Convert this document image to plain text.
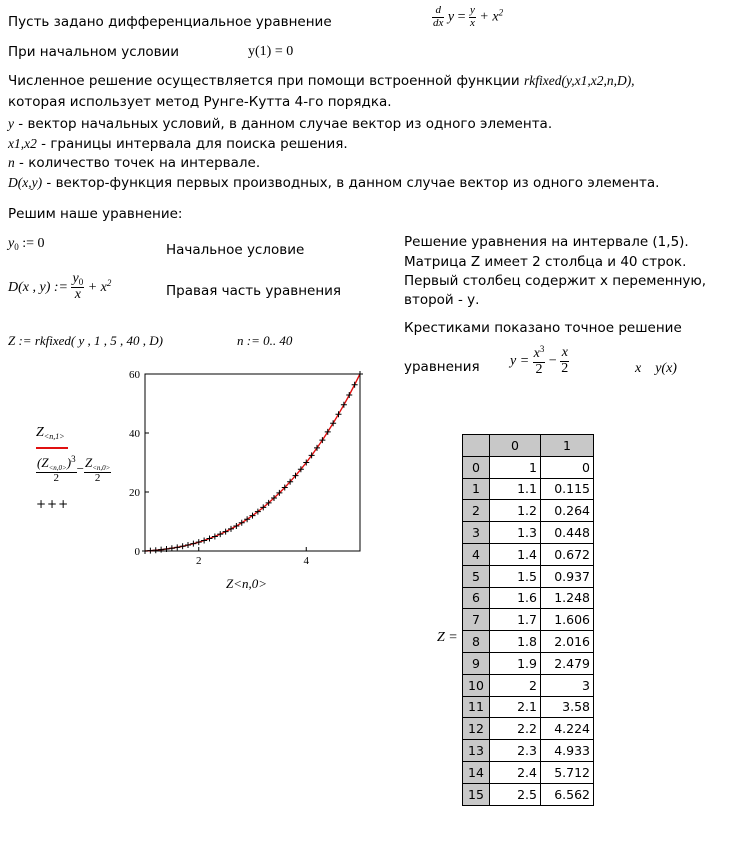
Пусть задано дифференциальное уравнение	$\frac{d}{dx}$ $y = \frac{y}{x} + x^2$
При начальном условии	y(1) = 0
Численное решение осуществляется при помощи встроенной функции rkfixed(y,x1,x2,n,D),
которая использует метод Рунге-Кутта 4-го порядка.
y - вектор начальных условий, в данном случае вектор из одного элемента.
x1,x2 - границы интервала для поиска решения.
n - количество точек на интервале.
D(x,y) - вектор-функция первых производных, в данном случае вектор из одного элемента.
Решим наше уравнение:
$y_0$ := 0	Начальное условие
D(x , y) := $\frac{y_0}{x} + x^2$
Правая часть уравнения
Z := rkfixed( y , 1 , 5 , 40 , D)	n := 0.. 40
Решение уравнения на интервале (1,5).
Матрица Z имеет 2 столбца и 40 строк.
Первый столбец содержит x переменную,
второй - у.
Крестиками показано точное решение
уравнения $y = \frac{x^3}{2} - \frac{x}{2}$	x    y(x)
$Z_{<n,1>}$
$\frac{(Z_{<n,0>})^3}{2} - \frac{Z_{<n,0>}}{2}$
+++
0
20
40
60
2	4
Z<n,0>
Z =
	0	1
0	1	0
1	1.1	0.115
2	1.2	0.264
3	1.3	0.448
4	1.4	0.672
5	1.5	0.937
6	1.6	1.248
7	1.7	1.606
8	1.8	2.016
9	1.9	2.479
10	2	3
11	2.1	3.58
12	2.2	4.224
13	2.3	4.933
14	2.4	5.712
15	2.5	6.562
